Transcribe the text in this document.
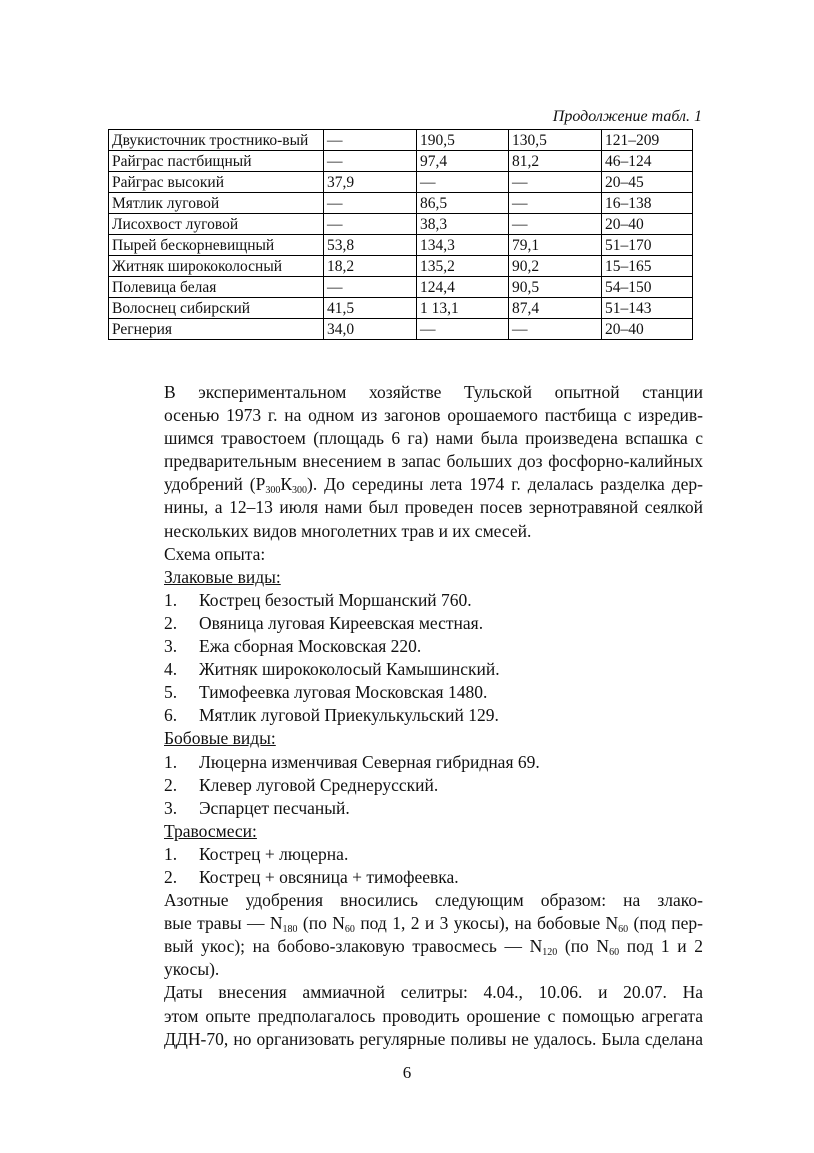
Продолжение табл. 1
Двукисточник тростнико-вый	—	190,5	130,5	121–209
Райграс пастбищный	—	97,4	81,2	46–124
Райграс высокий	37,9	—	—	20–45
Мятлик луговой	—	86,5	—	16–138
Лисохвост луговой	—	38,3	—	20–40
Пырей бескорневищный	53,8	134,3	79,1	51–170
Житняк ширококолосный	18,2	135,2	90,2	15–165
Полевица белая	—	124,4	90,5	54–150
Волоснец сибирский	41,5	1 13,1	87,4	51–143
Регнерия	34,0	—	—	20–40
В экспериментальном хозяйстве Тульской опытной станции
осенью 1973 г. на одном из загонов орошаемого пастбища с изредив-
шимся травостоем (площадь 6 га) нами была произведена вспашка с
предварительным внесением в запас больших доз фосфорно-калийных
удобрений $(Р_{300}К_{300})$. До середины лета 1974 г. делалась разделка дер-
нины, а 12–13 июля нами был проведен посев зернотравяной сеялкой
нескольких видов многолетних трав и их смесей.
Схема опыта:
Злаковые виды:
1. Кострец безостый Моршанский 760.
2. Овяница луговая Киреевская местная.
3. Ежа сборная Московская 220.
4. Житняк ширококолосый Камышинский.
5. Тимофеевка луговая Московская 1480.
6. Мятлик луговой Приекулькульский 129.
Бобовые виды:
1. Люцерна изменчивая Северная гибридная 69.
2. Клевер луговой Среднерусский.
3. Эспарцет песчаный.
Травосмеси:
1. Кострец + люцерна.
2. Кострец + овсяница + тимофеевка.
Азотные удобрения вносились следующим образом: на злако-
вые травы — $N_{180}$ (по $N_{60}$ под 1, 2 и 3 укосы), на бобовые $N_{60}$ (под пер-
вый укос); на бобово-злаковую травосмесь — $N_{120}$ (по $N_{60}$ под 1 и 2
укосы).
Даты внесения аммиачной селитры: 4.04., 10.06. и 20.07. На
этом опыте предполагалось проводить орошение с помощью агрегата
ДДН-70, но организовать регулярные поливы не удалось. Была сделана
6
